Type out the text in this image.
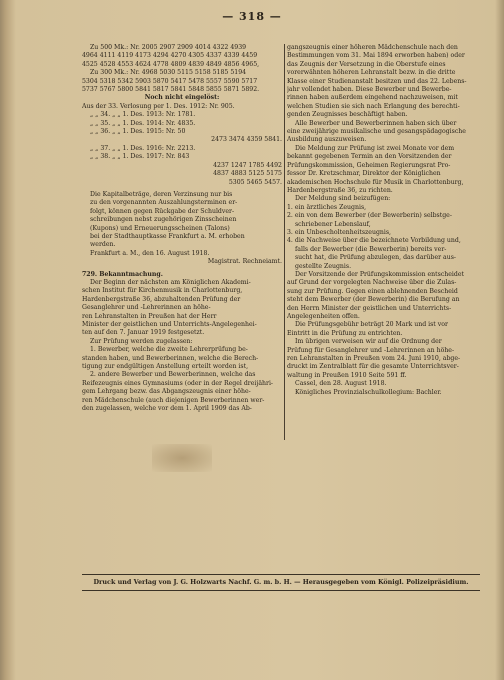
— 318 —

Zu 500 Mk.: Nr. 2005 2907 2909 4014 4322 4939

4964 4111 4119 4173 4294 4270 4305 4337 4339 4459

4525 4528 4553 4624 4778 4809 4839 4849 4856 4965,

Zu 300 Mk.: Nr. 4968 5030 5115 5158 5185 5194

5304 5318 5342 5903 5870 5417 5478 5557 5590 5717

5737 5767 5800 5841 5817 5841 5848 5855 5871 5892.

Noch nicht eingelöst:

Aus der 33. Verlosung per 1. Des. 1912: Nr. 905.

„ „ 34. „ „ 1. Des. 1913: Nr. 1781.

„ „ 35. „ „ 1. Des. 1914: Nr. 4835.

„ „ 36. „ „ 1. Des. 1915: Nr. 50

2473 3474 4359 5841.

„ „ 37. „ „ 1. Des. 1916: Nr. 2213.

„ „ 38. „ „ 1. Des. 1917: Nr. 843

4237 1247 1785 4492

4837 4883 5125 5175

5305 5465 5457.

Die Kapitalbeträge, deren Verzinsung nur bis

zu den vorgenannten Auszahlungsterminen er-

folgt, können gegen Rückgabe der Schuldver-

schreibungen nebst zugehörigen Zinsscheinen

(Kupons) und Erneuerungsscheinen (Talons)

bei der Stadthauptkasse Frankfurt a. M. erhoben

werden.

Frankfurt a. M., den 16. August 1918.

Magistrat. Rechneiamt.

729. Bekanntmachung.

Der Beginn der nächsten am Königlichen Akademi-

schen Institut für Kirchenmusik in Charlottenburg,

Hardenbergstraße 36, abzuhaltenden Prüfung der

Gesanglehrer und -Lehrerinnen an höhe-

ren Lehranstalten in Preußen hat der Herr

Minister der geistlichen und Unterrichts-Angelegenhei-

ten auf den 7. Januar 1919 festgesetzt.

Zur Prüfung werden zugelassen:

1. Bewerber, welche die zweite Lehrerprüfung be-

standen haben, und Bewerberinnen, welche die Berech-

tigung zur endgültigen Anstellung erteilt worden ist,

2. andere Bewerber und Bewerberinnen, welche das

Reifezeugnis eines Gymnasiums (oder in der Regel dreijähri-

gem Lehrgang bezw. das Abgangszeugnis einer höhe-

ren Mädchenschule (auch diejenigen Bewerberinnen wer-

den zugelassen, welche vor dem 1. April 1909 das Ab-

gangszeugnis einer höheren Mädchenschule nach den

Bestimmungen vom 31. Mai 1894 erworben haben) oder

das Zeugnis der Versetzung in die Oberstufe eines

vorerwähnten höheren Lehranstalt bezw. in die dritte

Klasse einer Studienanstalt besitzen und das 22. Lebens-

jahr vollendet haben. Diese Bewerber und Bewerbe-

rinnen haben außerdem eingehend nachzuweisen, mit

welchen Studien sie sich nach Erlangung des berechti-

genden Zeugnisses beschäftigt haben.

Alle Bewerber und Bewerberinnen haben sich über

eine zweijährige musikalische und gesangspädagogische

Ausbildung auszuweisen.

Die Meldung zur Prüfung ist zwei Monate vor dem

bekannt gegebenen Termin an den Vorsitzenden der

Prüfungskommission, Geheimen Regierungsrat Pro-

fessor Dr. Kretzschmar, Direktor der Königlichen

akademischen Hochschule für Musik in Charlottenburg,

Hardenbergstraße 36, zu richten.

Der Meldung sind beizufügen:

1. ein ärztliches Zeugnis,

2. ein von dem Bewerber (der Bewerberin) selbstge-

schriebener Lebenslauf,

3. ein Unbescholtenheitszeugnis,

4. die Nachweise über die bezeichnete Vorbildung und,

falls der Bewerber (die Bewerberin) bereits ver-

sucht hat, die Prüfung abzulegen, das darüber aus-

gestellte Zeugnis.

Der Vorsitzende der Prüfungskommission entscheidet

auf Grund der vorgelegten Nachweise über die Zulas-

sung zur Prüfung. Gegen einen ablehnenden Bescheid

steht dem Bewerber (der Bewerberin) die Berufung an

den Herrn Minister der geistlichen und Unterrichts-

Angelegenheiten offen.

Die Prüfungsgebühr beträgt 20 Mark und ist vor

Eintritt in die Prüfung zu entrichten.

Im übrigen verweisen wir auf die Ordnung der

Prüfung für Gesanglehrer und -Lehrerinnen an höhe-

ren Lehranstalten in Preußen vom 24. Juni 1910, abge-

druckt im Zentralblatt für die gesamte Unterrichtsver-

waltung in Preußen 1910 Seite 591 ff.

Cassel, den 28. August 1918.

Königliches Provinzialschulkollegium: Bachler.

Druck und Verlag von J. G. Holzwarts Nachf. G. m. b. H. — Herausgegeben vom Königl. Polizeipräsidium.
